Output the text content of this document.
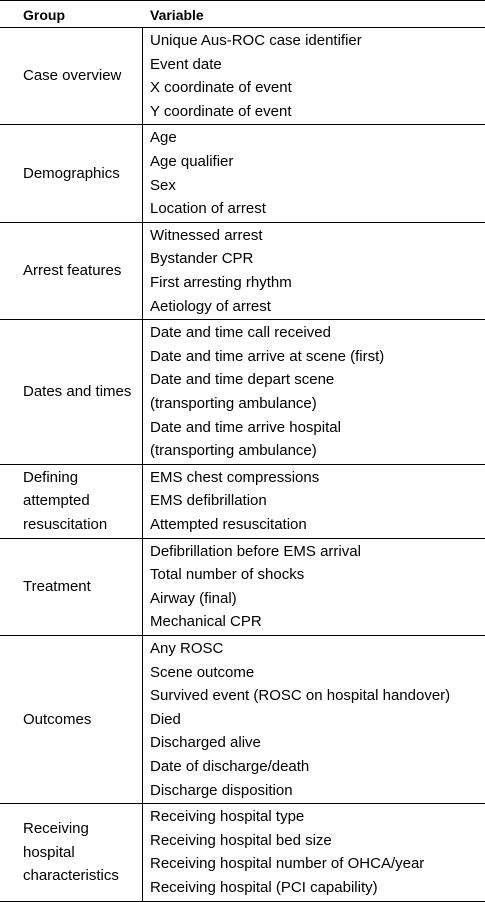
Group	Variable
Case overview
Unique Aus-ROC case identifier
Event date
X coordinate of event
Y coordinate of event
Demographics
Age
Age qualifier
Sex
Location of arrest
Arrest features
Witnessed arrest
Bystander CPR
First arresting rhythm
Aetiology of arrest
Dates and times
Date and time call received
Date and time arrive at scene (first)
Date and time depart scene
(transporting ambulance)
Date and time arrive hospital
(transporting ambulance)
Defining
attempted
resuscitation
EMS chest compressions
EMS defibrillation
Attempted resuscitation
Treatment
Defibrillation before EMS arrival
Total number of shocks
Airway (final)
Mechanical CPR
Outcomes
Any ROSC
Scene outcome
Survived event (ROSC on hospital handover)
Died
Discharged alive
Date of discharge/death
Discharge disposition
Receiving
hospital
characteristics
Receiving hospital type
Receiving hospital bed size
Receiving hospital number of OHCA/year
Receiving hospital (PCI capability)
